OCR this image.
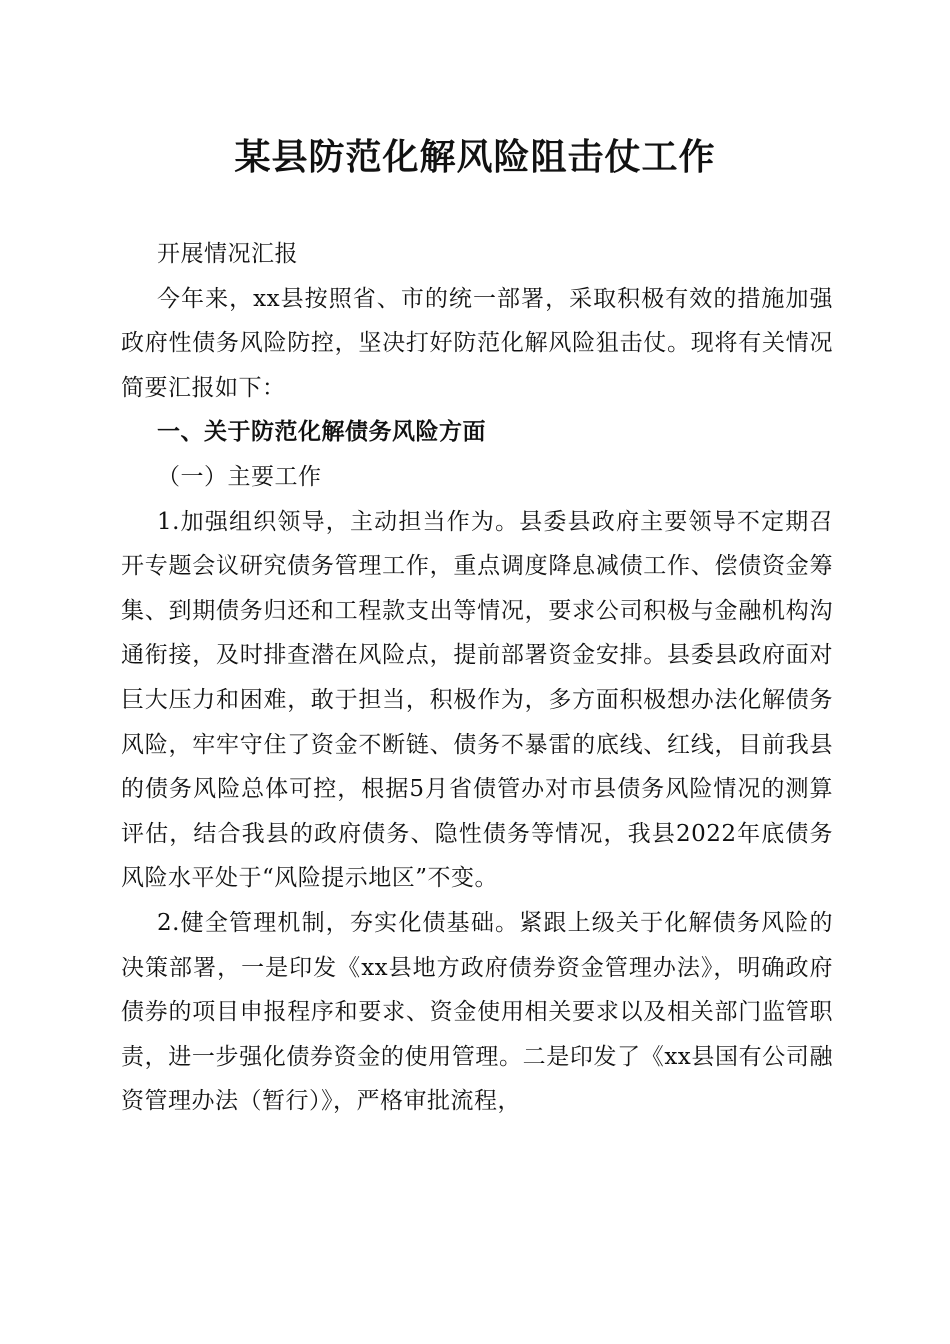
某县防范化解风险阻击仗工作

开展情况汇报

今年来，xx县按照省、市的统一部署，采取积极有效的措施加强政府性债务风险防控，坚决打好防范化解风险狙击仗。现将有关情况简要汇报如下：

一、关于防范化解债务风险方面

（一）主要工作

1.加强组织领导，主动担当作为。县委县政府主要领导不定期召开专题会议研究债务管理工作，重点调度降息减债工作、偿债资金筹集、到期债务归还和工程款支出等情况，要求公司积极与金融机构沟通衔接，及时排查潜在风险点，提前部署资金安排。县委县政府面对巨大压力和困难，敢于担当，积极作为，多方面积极想办法化解债务风险，牢牢守住了资金不断链、债务不暴雷的底线、红线，目前我县的债务风险总体可控，根据5月省债管办对市县债务风险情况的测算评估，结合我县的政府债务、隐性债务等情况，我县2022年底债务风险水平处于“风险提示地区”不变。

2.健全管理机制，夯实化债基础。紧跟上级关于化解债务风险的决策部署，一是印发《xx县地方政府债券资金管理办法》，明确政府债券的项目申报程序和要求、资金使用相关要求以及相关部门监管职责，进一步强化债券资金的使用管理。二是印发了《xx县国有公司融资管理办法（暂行）》，严格审批流程，
